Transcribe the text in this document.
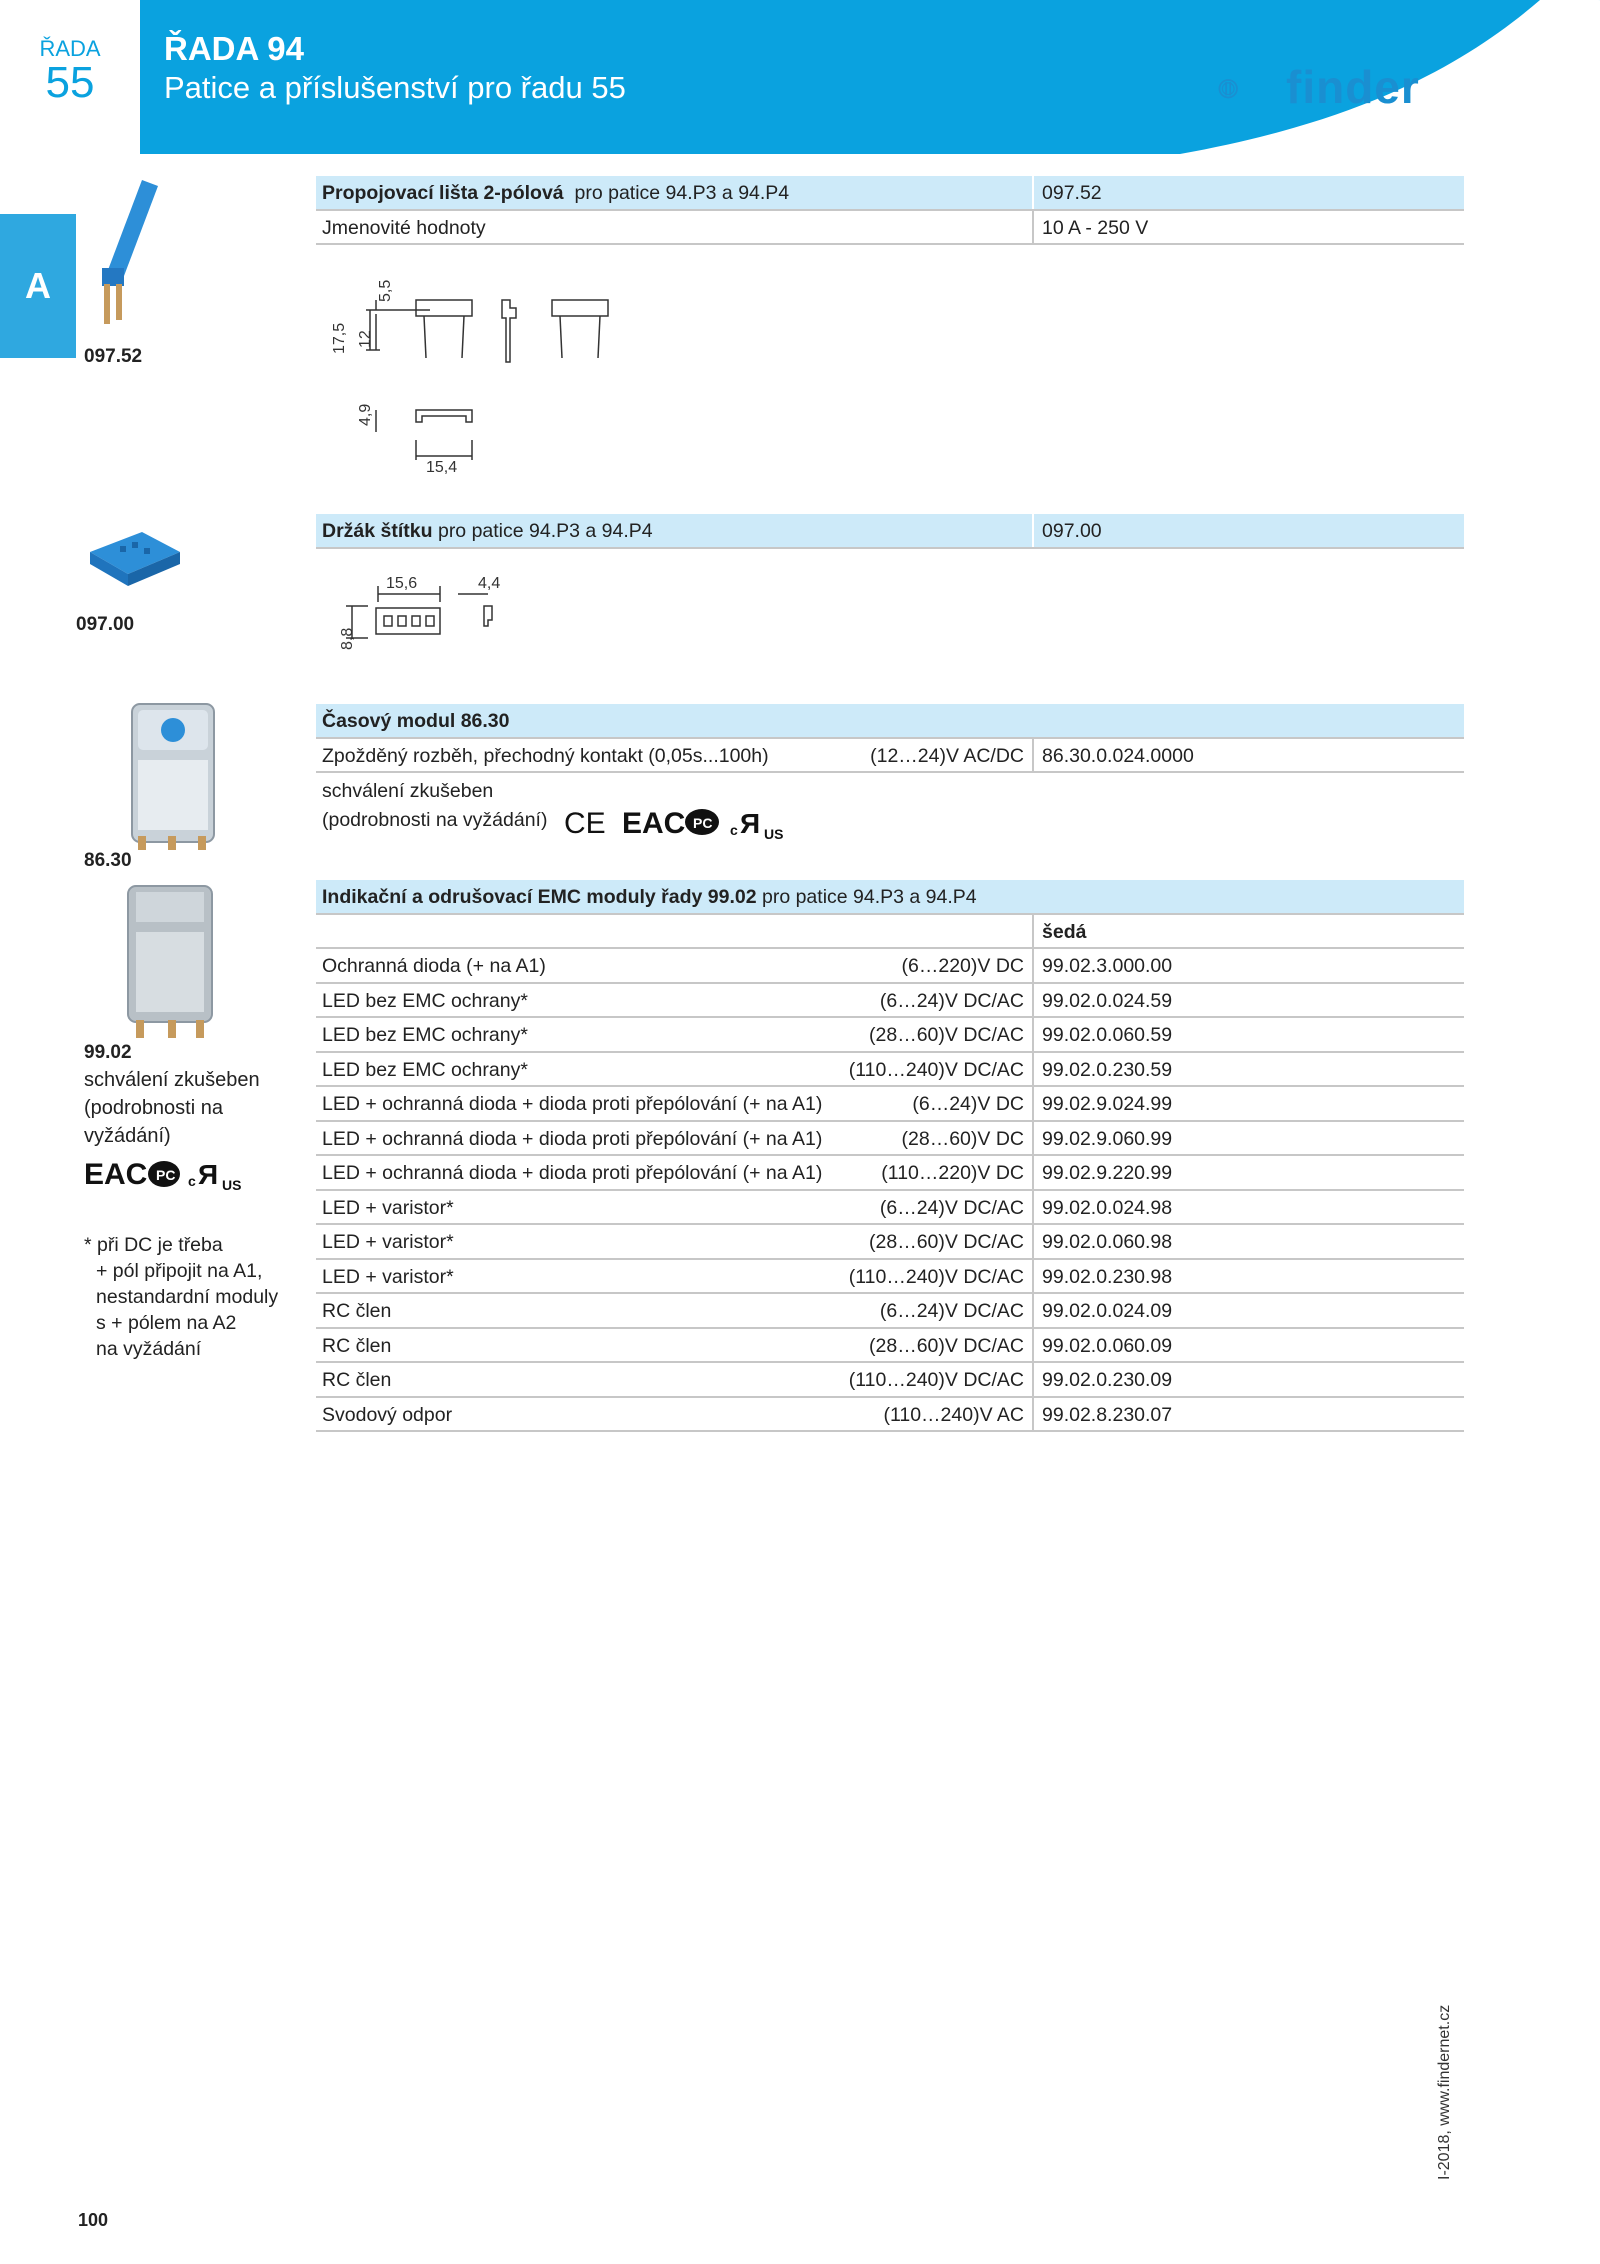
ŘADA
55
ŘADA 94
Patice a příslušenství pro řadu 55	finder
A
097.52
097.00
86.30
99.02
schválení zkušeben
(podrobnosti na
vyžádání)
EAC PC c Я US
* při DC je třeba
+ pól připojit na A1,
nestandardní moduly
s + pólem na A2
na vyžádání
Propojovací lišta 2-pólová pro patice 94.P3 a 94.P4	097.52
Jmenovité hodnoty	10 A - 250 V
5,5
17,5 12
4,9
15,4
Držák štítku pro patice 94.P3 a 94.P4	097.00
15,6	4,4
8,8
Časový modul 86.30
Zpožděný rozběh, přechodný kontakt (0,05s...100h)	(12…24)V AC/DC 86.30.0.024.0000
schválení zkušeben
(podrobnosti na vyžádání) CE EAC PC c Я US
Indikační a odrušovací EMC moduly řady 99.02 pro patice 94.P3 a 94.P4
šedá
Ochranná dioda (+ na A1)	(6…220)V DC 99.02.3.000.00
LED bez EMC ochrany*	(6…24)V DC/AC 99.02.0.024.59
LED bez EMC ochrany*	(28…60)V DC/AC 99.02.0.060.59
LED bez EMC ochrany*	(110…240)V DC/AC 99.02.0.230.59
LED + ochranná dioda + dioda proti přepólování (+ na A1)	(6…24)V DC 99.02.9.024.99
LED + ochranná dioda + dioda proti přepólování (+ na A1)	(28…60)V DC 99.02.9.060.99
LED + ochranná dioda + dioda proti přepólování (+ na A1)	(110…220)V DC 99.02.9.220.99
LED + varistor*	(6…24)V DC/AC 99.02.0.024.98
LED + varistor*	(28…60)V DC/AC 99.02.0.060.98
LED + varistor*	(110…240)V DC/AC 99.02.0.230.98
RC člen	(6…24)V DC/AC 99.02.0.024.09
RC člen	(28…60)V DC/AC 99.02.0.060.09
RC člen	(110…240)V DC/AC 99.02.0.230.09
Svodový odpor	(110…240)V AC 99.02.8.230.07
100
I-2018, www.findernet.cz
